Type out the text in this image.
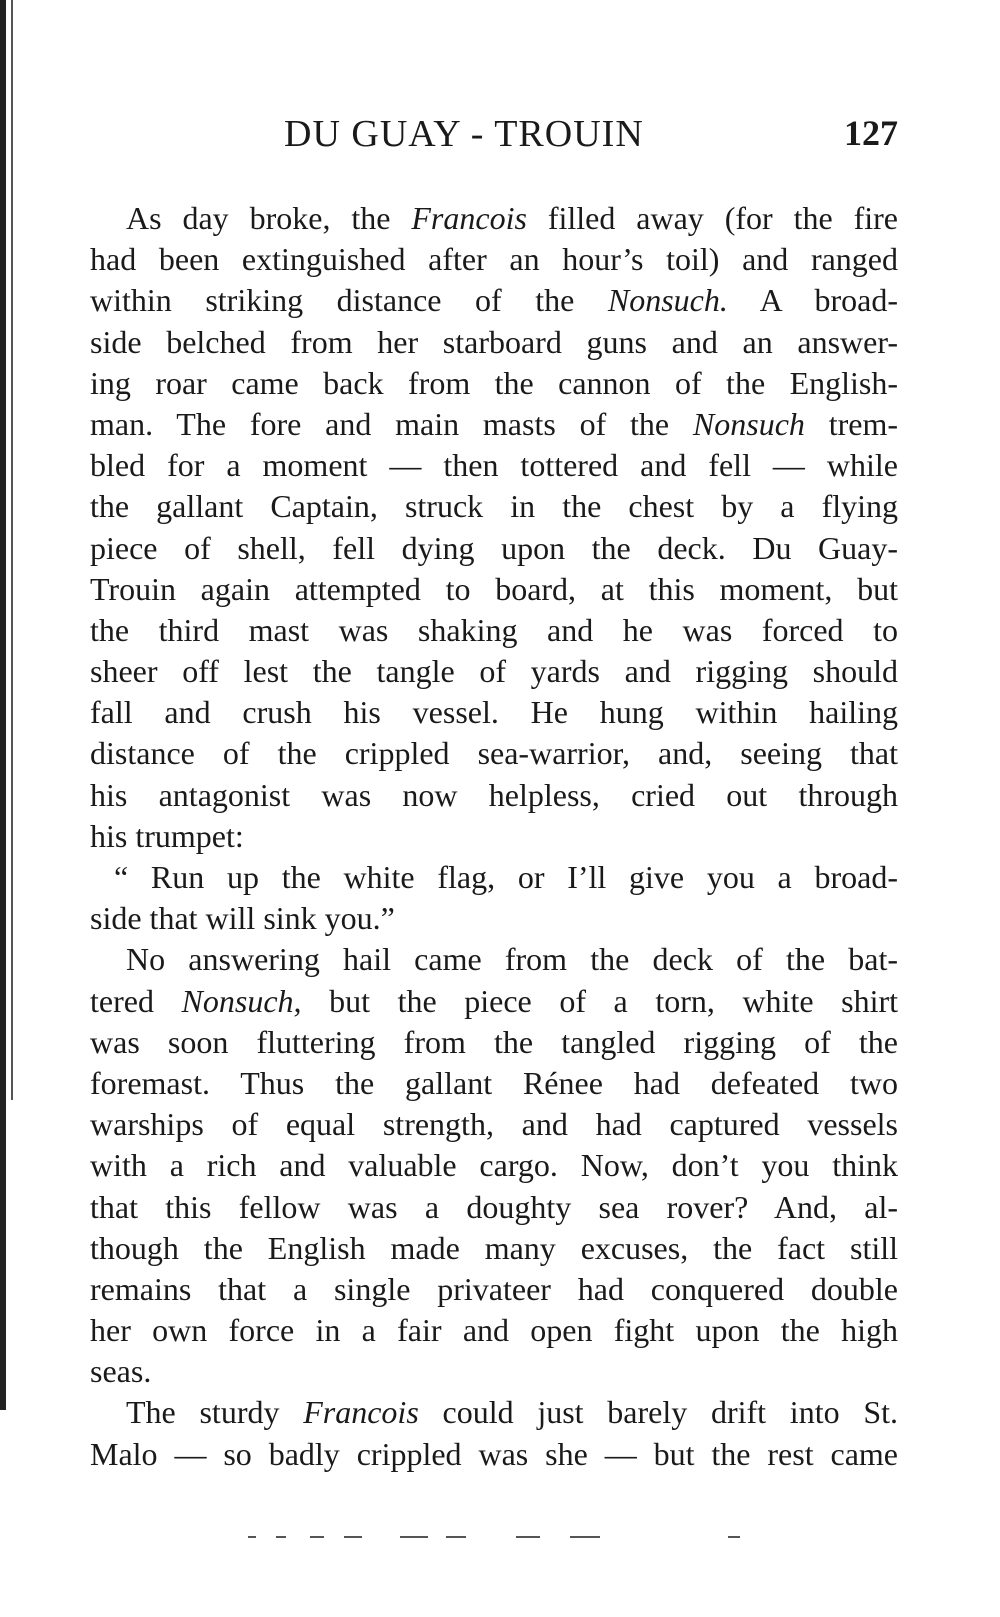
DU GUAY - TROUIN	127
As day broke, the Francois filled away (for the fire
had been extinguished after an hour’s toil) and ranged
within striking distance of the Nonsuch. A broad-
side belched from her starboard guns and an answer-
ing roar came back from the cannon of the English-
man. The fore and main masts of the Nonsuch trem-
bled for a moment — then tottered and fell — while
the gallant Captain, struck in the chest by a flying
piece of shell, fell dying upon the deck. Du Guay-
Trouin again attempted to board, at this moment, but
the third mast was shaking and he was forced to
sheer off lest the tangle of yards and rigging should
fall and crush his vessel. He hung within hailing
distance of the crippled sea-warrior, and, seeing that
his antagonist was now helpless, cried out through
his trumpet:
“ Run up the white flag, or I’ll give you a broad-
side that will sink you.”
No answering hail came from the deck of the bat-
tered Nonsuch, but the piece of a torn, white shirt
was soon fluttering from the tangled rigging of the
foremast. Thus the gallant Rénee had defeated two
warships of equal strength, and had captured vessels
with a rich and valuable cargo. Now, don’t you think
that this fellow was a doughty sea rover? And, al-
though the English made many excuses, the fact still
remains that a single privateer had conquered double
her own force in a fair and open fight upon the high
seas.
The sturdy Francois could just barely drift into St.
Malo — so badly crippled was she — but the rest came
